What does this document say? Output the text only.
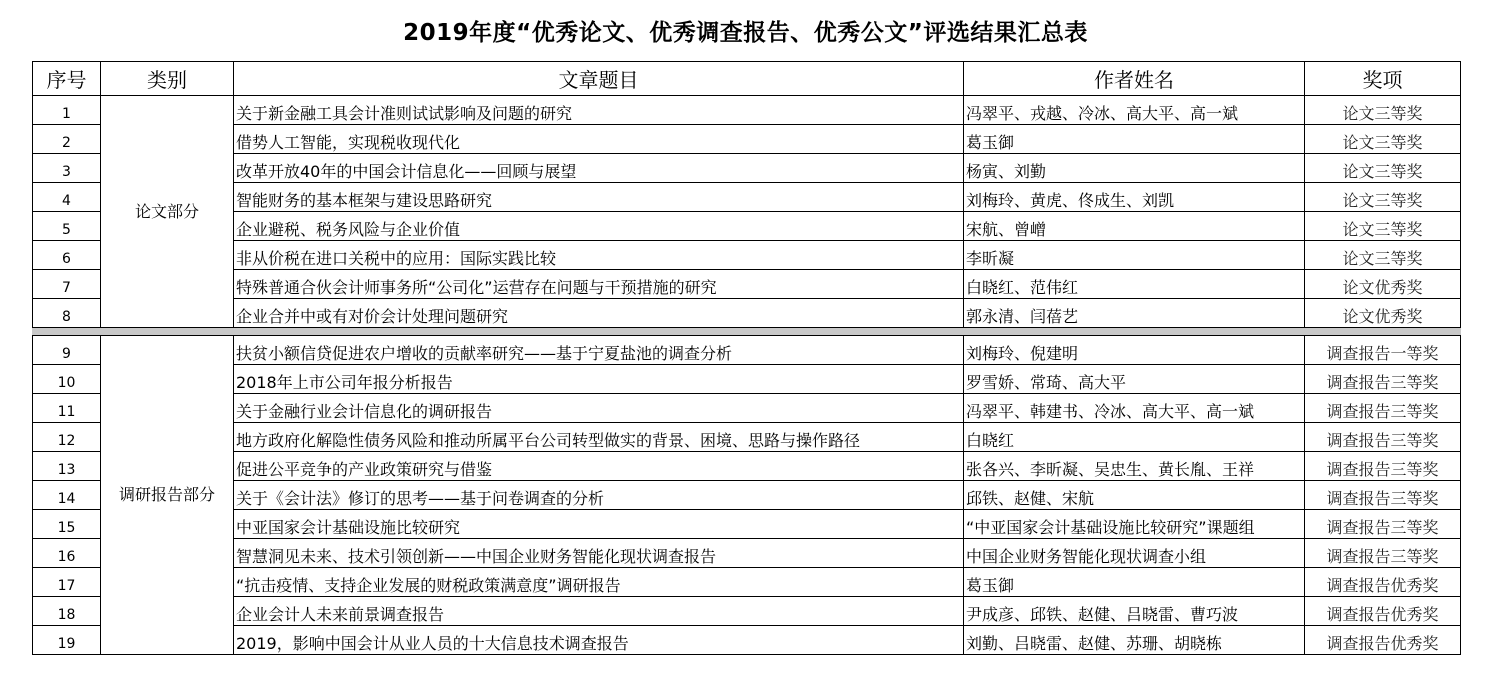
2019年度“优秀论文、优秀调查报告、优秀公文”评选结果汇总表
序号	类别	文章题目	作者姓名	奖项
1	论文部分	关于新金融工具会计准则试试影响及问题的研究	冯翠平、戎越、冷冰、高大平、高一斌	论文三等奖
2		借势人工智能，实现税收现代化	葛玉御	论文三等奖
3		改革开放40年的中国会计信息化——回顾与展望	杨寅、刘勤	论文三等奖
4		智能财务的基本框架与建设思路研究	刘梅玲、黄虎、佟成生、刘凯	论文三等奖
5		企业避税、税务风险与企业价值	宋航、曾嶒	论文三等奖
6		非从价税在进口关税中的应用：国际实践比较	李昕凝	论文三等奖
7		特殊普通合伙会计师事务所“公司化”运营存在问题与干预措施的研究	白晓红、范伟红	论文优秀奖
8		企业合并中或有对价会计处理问题研究	郭永清、闫蓓艺	论文优秀奖

9	调研报告部分	扶贫小额信贷促进农户增收的贡献率研究——基于宁夏盐池的调查分析	刘梅玲、倪建明	调查报告一等奖
10		2018年上市公司年报分析报告	罗雪娇、常琦、高大平	调查报告三等奖
11		关于金融行业会计信息化的调研报告	冯翠平、韩建书、冷冰、高大平、高一斌	调查报告三等奖
12		地方政府化解隐性债务风险和推动所属平台公司转型做实的背景、困境、思路与操作路径	白晓红	调查报告三等奖
13		促进公平竞争的产业政策研究与借鉴	张各兴、李昕凝、吴忠生、黄长胤、王祥	调查报告三等奖
14		关于《会计法》修订的思考——基于问卷调查的分析	邱铁、赵健、宋航	调查报告三等奖
15		中亚国家会计基础设施比较研究	“中亚国家会计基础设施比较研究”课题组	调查报告三等奖
16		智慧洞见未来、技术引领创新——中国企业财务智能化现状调查报告	中国企业财务智能化现状调查小组	调查报告三等奖
17		“抗击疫情、支持企业发展的财税政策满意度”调研报告	葛玉御	调查报告优秀奖
18		企业会计人未来前景调查报告	尹成彦、邱铁、赵健、吕晓雷、曹巧波	调查报告优秀奖
19		2019，影响中国会计从业人员的十大信息技术调查报告	刘勤、吕晓雷、赵健、苏珊、胡晓栋	调查报告优秀奖
